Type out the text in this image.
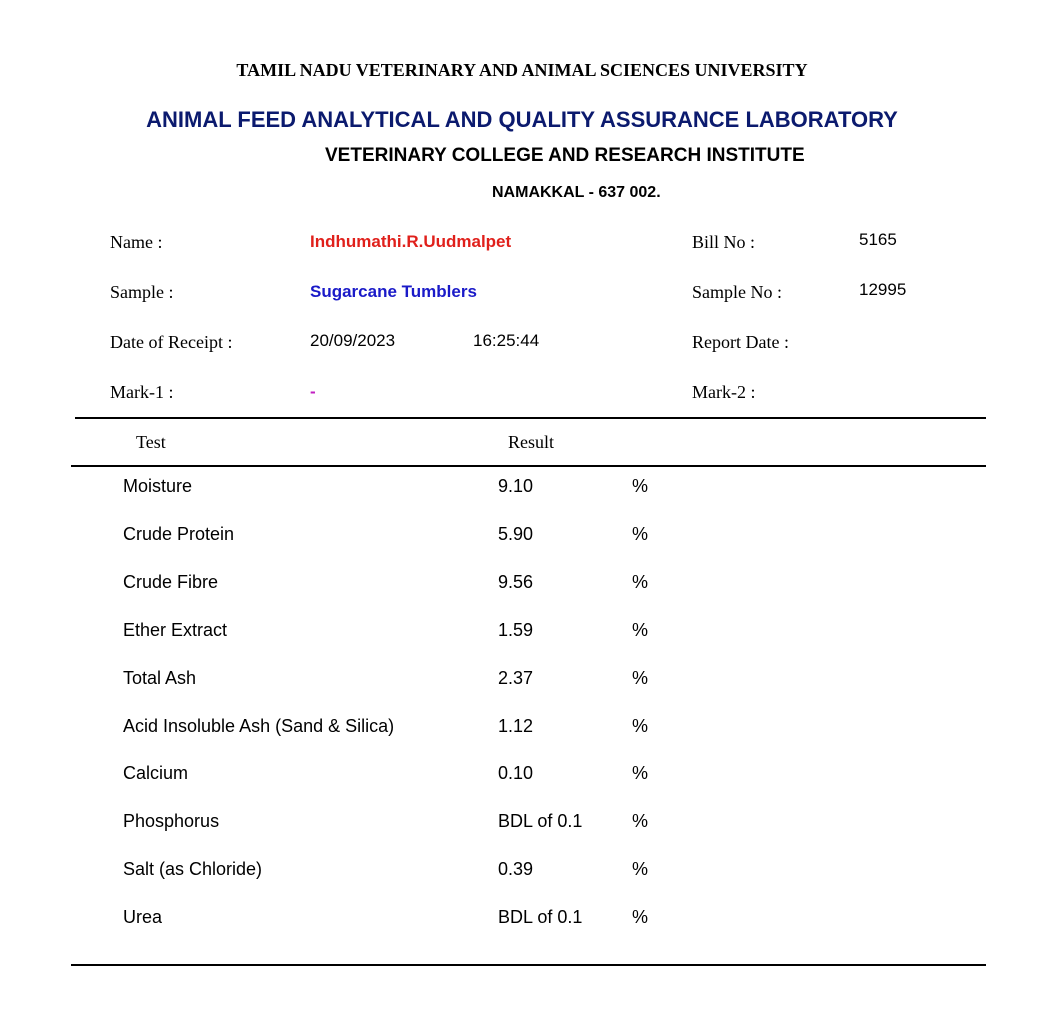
TAMIL NADU VETERINARY AND ANIMAL SCIENCES UNIVERSITY
ANIMAL FEED ANALYTICAL AND QUALITY ASSURANCE LABORATORY
VETERINARY COLLEGE AND RESEARCH INSTITUTE
NAMAKKAL - 637 002.
Name :	Indhumathi.R.Uudmalpet
Sample :	Sugarcane Tumblers
Date of Receipt :	20/09/2023	16:25:44
Mark-1 :	-
Bill No :	5165
Sample No :	12995
Report Date :
Mark-2 :
Test	Result
Moisture	9.10	%
Crude Protein	5.90	%
Crude Fibre	9.56	%
Ether Extract	1.59	%
Total Ash	2.37	%
Acid Insoluble Ash (Sand & Silica)	1.12	%
Calcium	0.10	%
Phosphorus	BDL of 0.1	%
Salt (as Chloride)	0.39	%
Urea	BDL of 0.1	%
